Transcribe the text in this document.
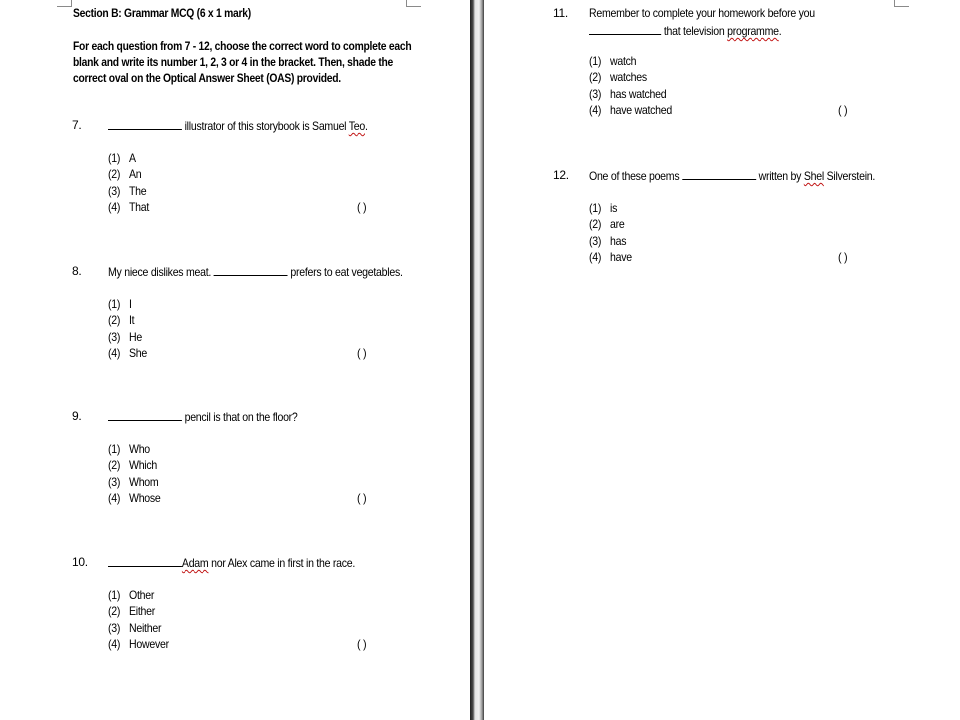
Section B: Grammar MCQ (6 x 1 mark)
For each question from 7 - 12, choose the correct word to complete each blank and write its number 1, 2, 3 or 4 in the bracket. Then, shade the correct oval on the Optical Answer Sheet (OAS) provided.
7.	illustrator of this storybook is Samuel Teo.
(1) A
(2) An
(3) The
(4) That	( )
8. My niece dislikes meat.	prefers to eat vegetables.
(1) I
(2) It
(3) He
(4) She	( )
9.	pencil is that on the floor?
(1) Who
(2) Which
(3) Whom
(4) Whose	( )
10.	Adam nor Alex came in first in the race.
(1) Other
(2) Either
(3) Neither
(4) However	( )
11. Remember to complete your homework before you
that television programme.
(1) watch
(2) watches
(3) has watched
(4) have watched	( )
12. One of these poems	written by Shel Silverstein.
(1) is
(2) are
(3) has
(4) have	( )
